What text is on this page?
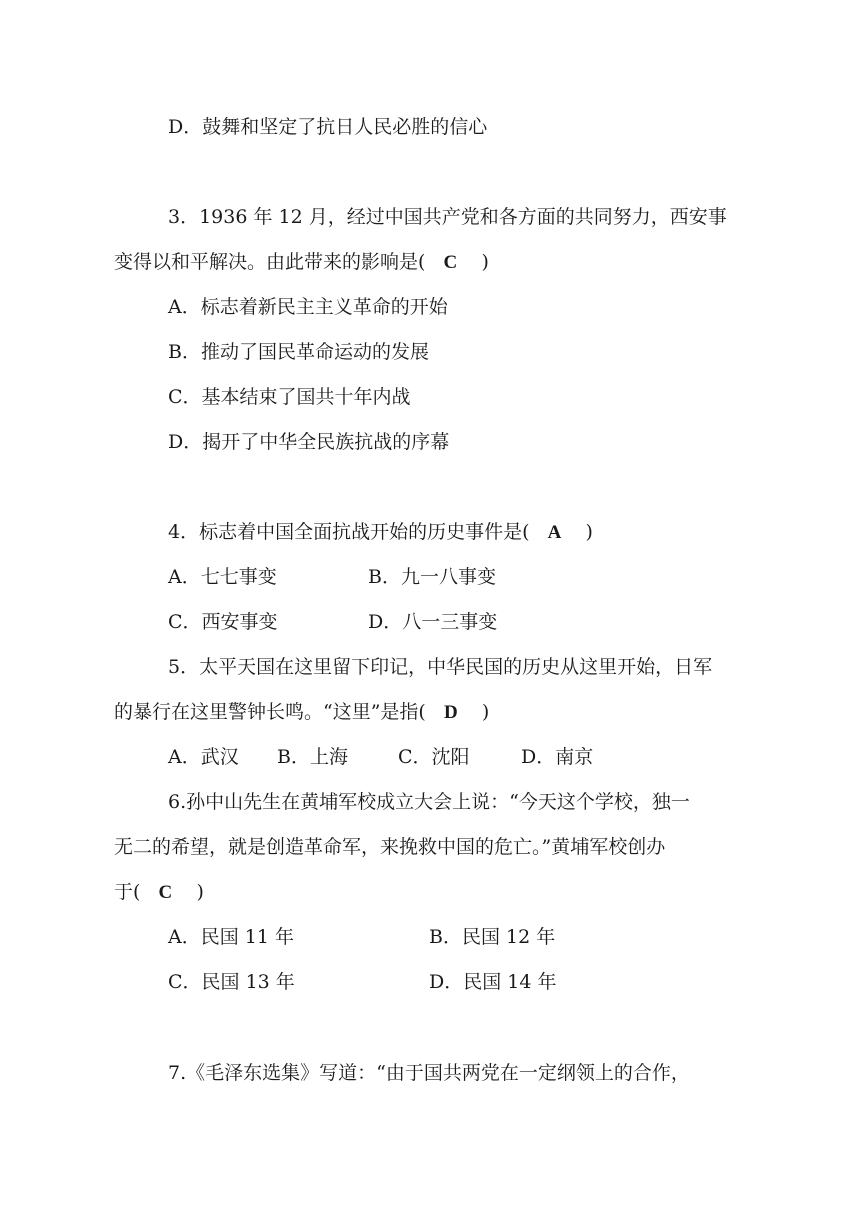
D．鼓舞和坚定了抗日人民必胜的信心
3．1936 年 12 月，经过中国共产党和各方面的共同努力，西安事
变得以和平解决。由此带来的影响是( C )
A．标志着新民主主义革命的开始
B．推动了国民革命运动的发展
C．基本结束了国共十年内战
D．揭开了中华全民族抗战的序幕
4．标志着中国全面抗战开始的历史事件是( A )
A．七七事变	B．九一八事变
C．西安事变	D．八一三事变
5．太平天国在这里留下印记，中华民国的历史从这里开始，日军
的暴行在这里警钟长鸣。“这里”是指( D )
A．武汉 B．上海	C．沈阳	D．南京
6.孙中山先生在黄埔军校成立大会上说：“今天这个学校，独一
无二的希望，就是创造革命军，来挽救中国的危亡。”黄埔军校创办
于( C )
A．民国 11 年	B．民国 12 年
C．民国 13 年	D．民国 14 年
7.《毛泽东选集》写道：“由于国共两党在一定纲领上的合作，
